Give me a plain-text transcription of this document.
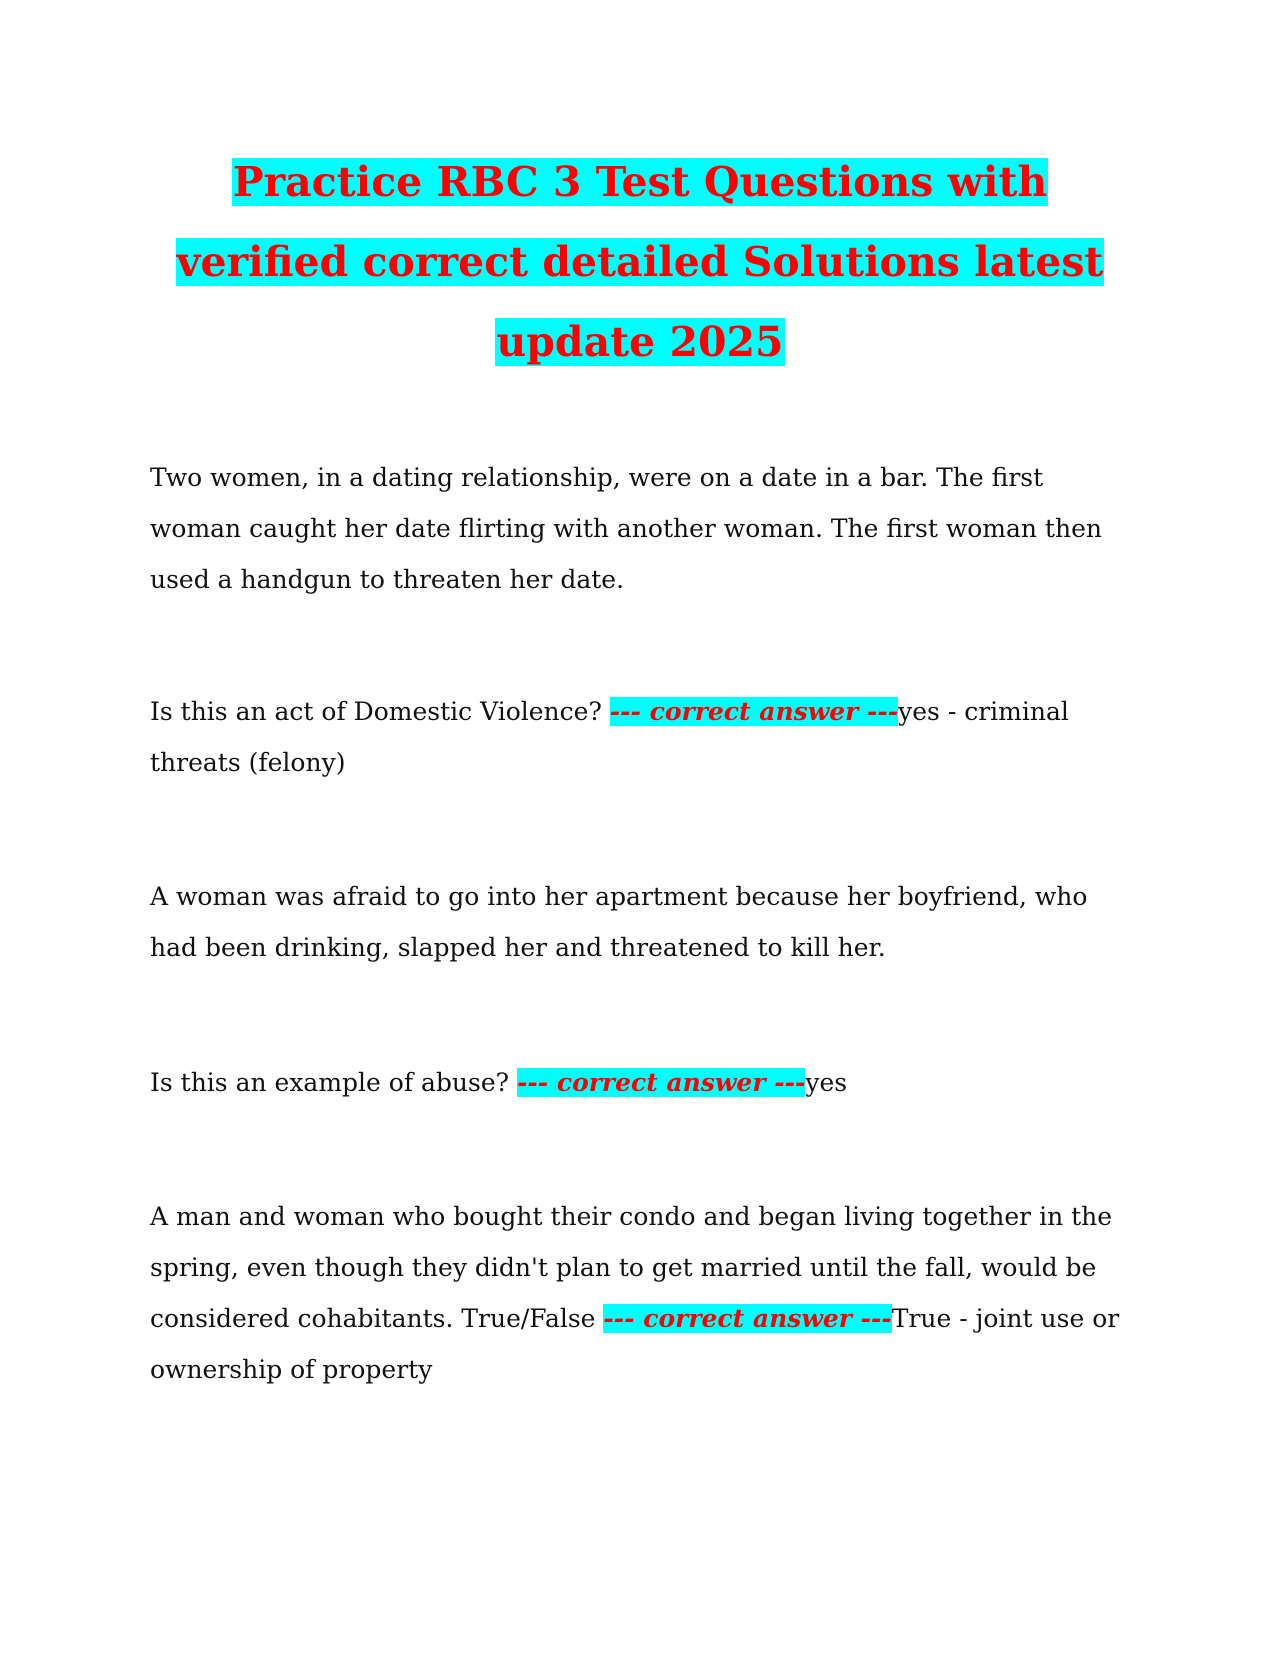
Practice RBC 3 Test Questions with
verified correct detailed Solutions latest
update 2025

Two women, in a dating relationship, were on a date in a bar. The first woman caught her date flirting with another woman. The first woman then used a handgun to threaten her date.

Is this an act of Domestic Violence? --- correct answer ---yes - criminal threats (felony)

A woman was afraid to go into her apartment because her boyfriend, who had been drinking, slapped her and threatened to kill her.

Is this an example of abuse? --- correct answer ---yes

A man and woman who bought their condo and began living together in the spring, even though they didn't plan to get married until the fall, would be considered cohabitants. True/False --- correct answer ---True - joint use or ownership of property
